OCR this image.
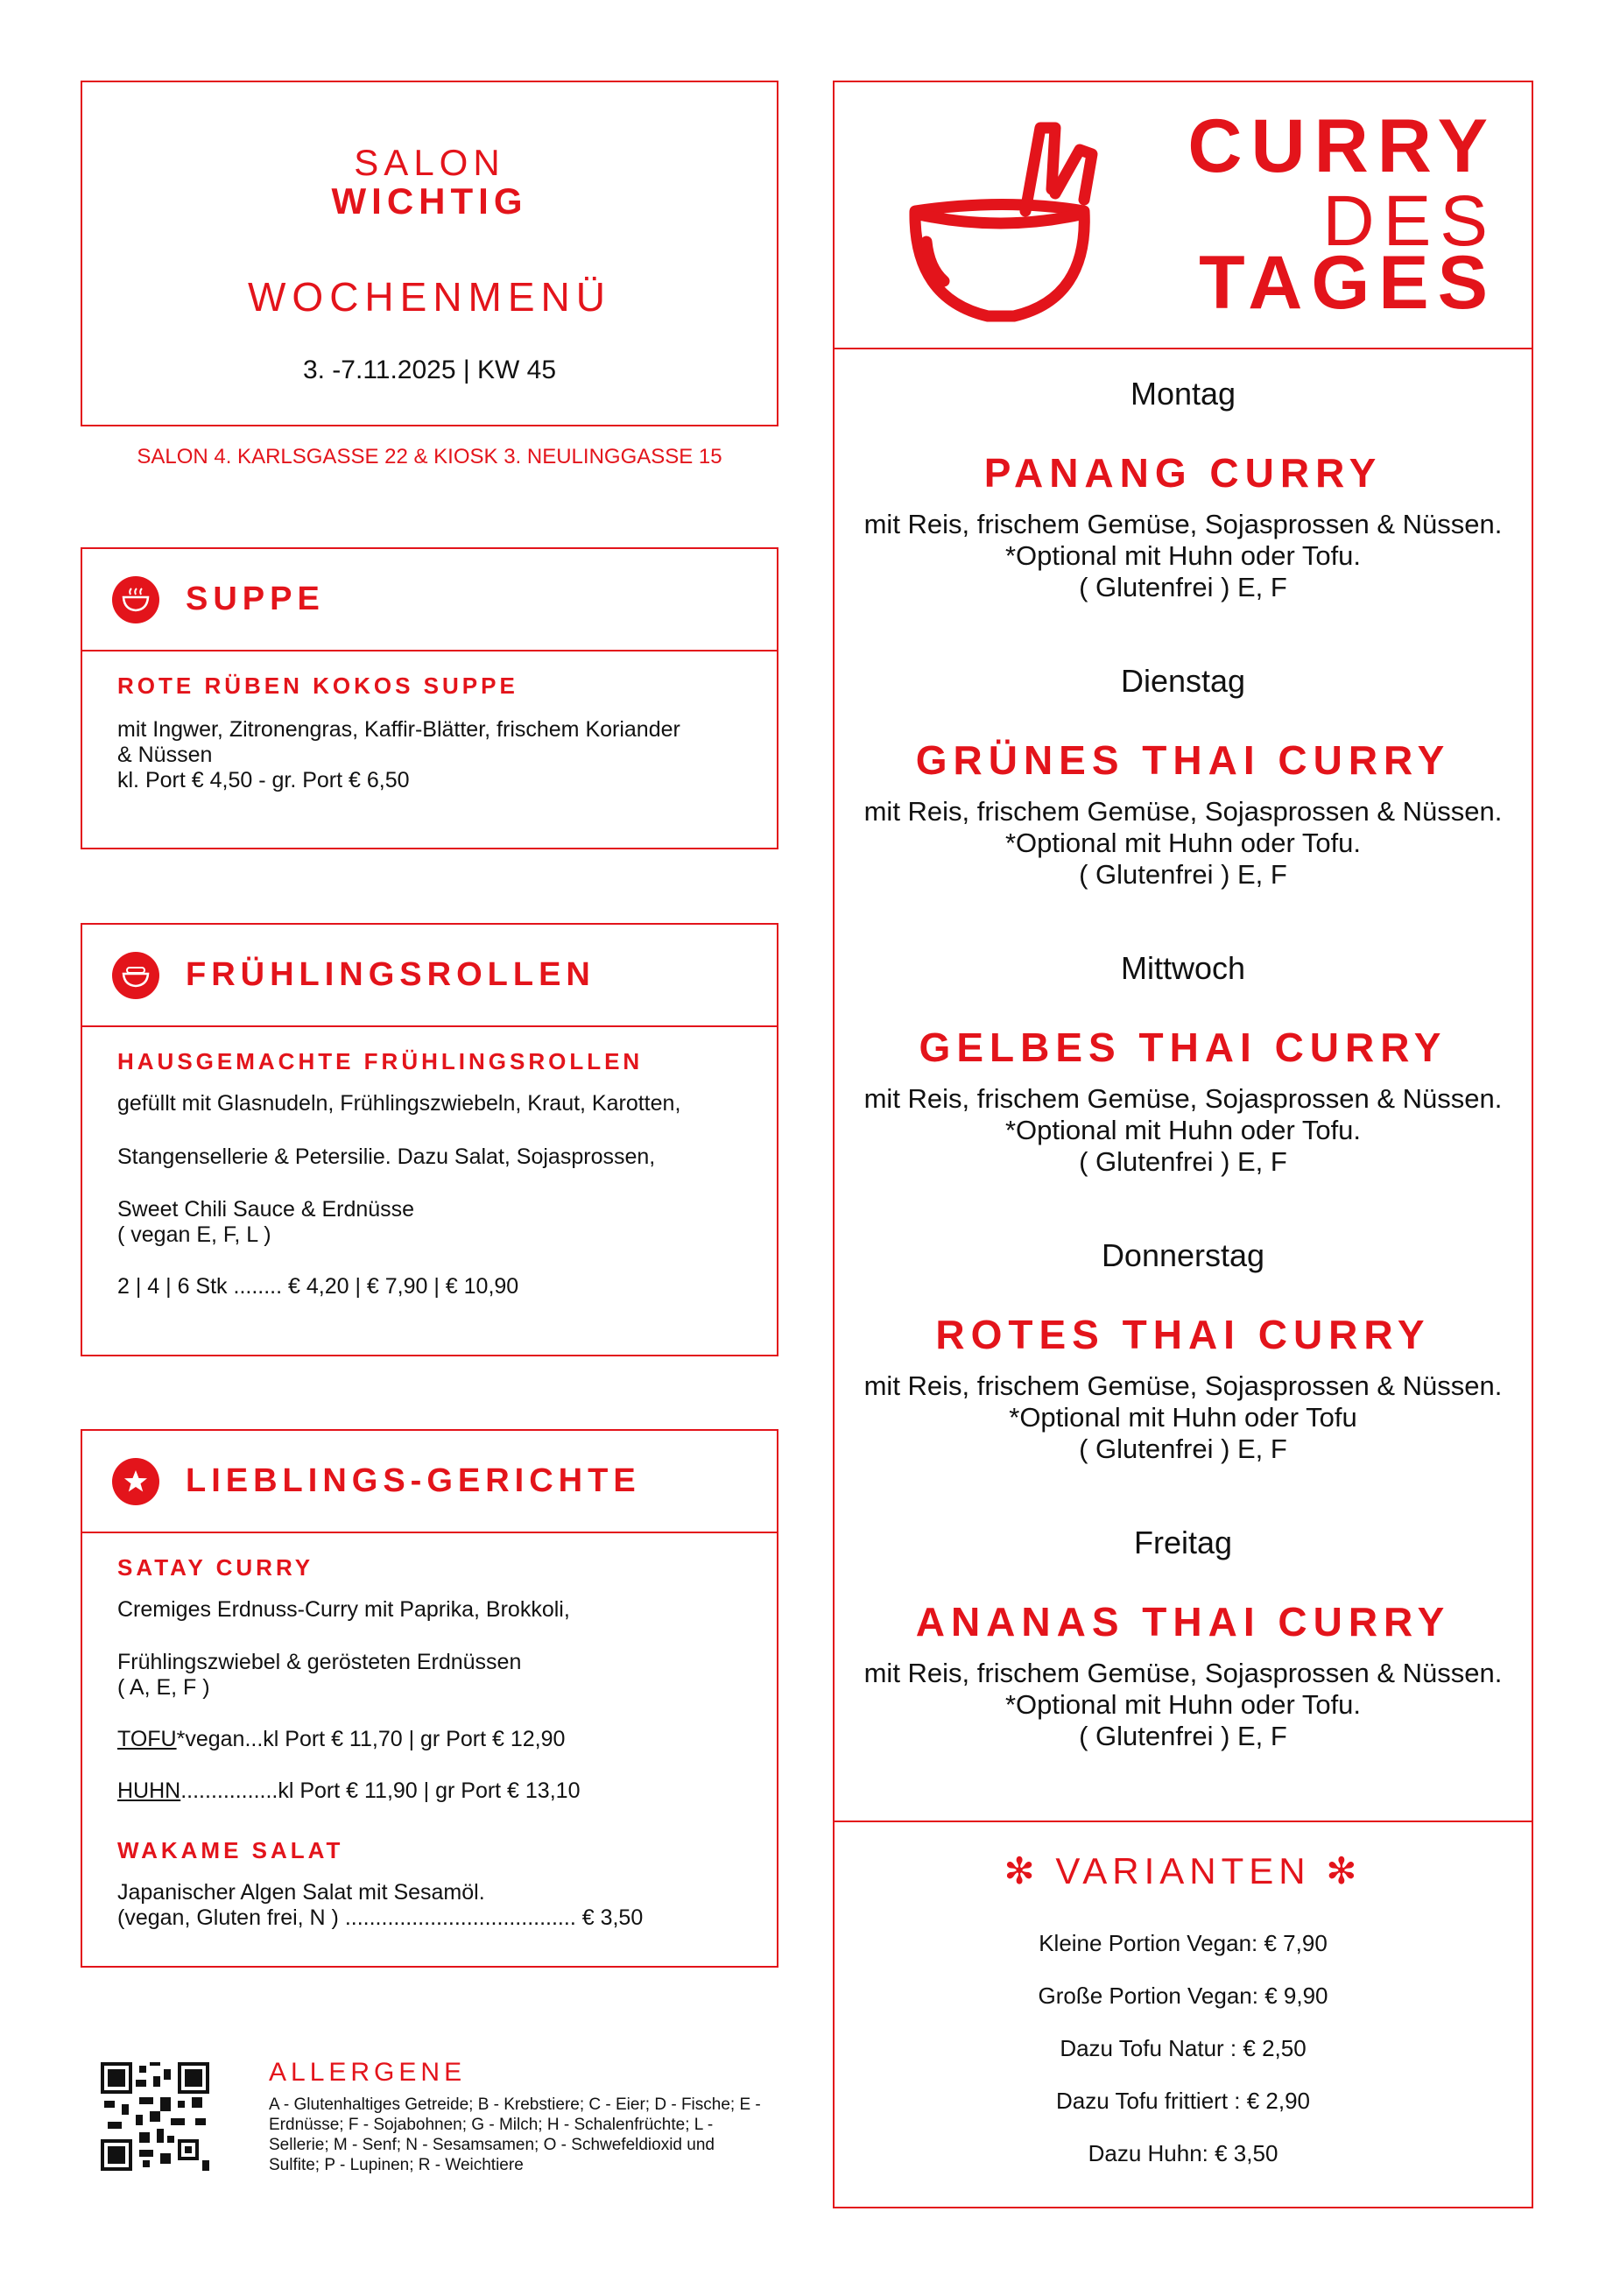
SALON
WICHTIG
WOCHENMENÜ
3. -7.11.2025 | KW 45
SALON 4. KARLSGASSE 22 & KIOSK 3. NEULINGGASSE 15
SUPPE
ROTE RÜBEN KOKOS SUPPE
mit Ingwer, Zitronengras, Kaffir-Blätter, frischem Koriander
& Nüssen
kl. Port € 4,50 - gr. Port € 6,50
FRÜHLINGSROLLEN
HAUSGEMACHTE FRÜHLINGSROLLEN
gefüllt mit Glasnudeln, Frühlingszwiebeln, Kraut, Karotten,
Stangensellerie & Petersilie. Dazu Salat, Sojasprossen,
Sweet Chili Sauce & Erdnüsse
( vegan E, F, L )
2 | 4 | 6 Stk ........ € 4,20 | € 7,90 | € 10,90
LIEBLINGS-GERICHTE
SATAY CURRY
Cremiges Erdnuss-Curry mit Paprika, Brokkoli,
Frühlingszwiebel & gerösteten Erdnüssen
( A, E, F )
TOFU*vegan...kl Port € 11,70 | gr Port € 12,90
HUHN................kl Port € 11,90 | gr Port € 13,10
WAKAME SALAT
Japanischer Algen Salat mit Sesamöl.
(vegan, Gluten frei, N ) ...................................... € 3,50
ALLERGENE
A - Glutenhaltiges Getreide; B - Krebstiere; C - Eier; D - Fische; E - Erdnüsse; F - Sojabohnen; G - Milch; H - Schalenfrüchte; L - Sellerie; M - Senf; N - Sesamsamen; O - Schwefeldioxid und Sulfite; P - Lupinen; R - Weichtiere
CURRY
DES
TAGES
Montag
PANANG CURRY
mit Reis, frischem Gemüse, Sojasprossen & Nüssen.
*Optional mit Huhn oder Tofu.
( Glutenfrei ) E, F
Dienstag
GRÜNES THAI CURRY
mit Reis, frischem Gemüse, Sojasprossen & Nüssen.
*Optional mit Huhn oder Tofu.
( Glutenfrei ) E, F
Mittwoch
GELBES THAI CURRY
mit Reis, frischem Gemüse, Sojasprossen & Nüssen.
*Optional mit Huhn oder Tofu.
( Glutenfrei ) E, F
Donnerstag
ROTES THAI CURRY
mit Reis, frischem Gemüse, Sojasprossen & Nüssen.
*Optional mit Huhn oder Tofu
( Glutenfrei ) E, F
Freitag
ANANAS THAI CURRY
mit Reis, frischem Gemüse, Sojasprossen & Nüssen.
*Optional mit Huhn oder Tofu.
( Glutenfrei ) E, F
✻ VARIANTEN ✻
Kleine Portion Vegan: € 7,90
Große Portion Vegan: € 9,90
Dazu Tofu Natur : € 2,50
Dazu Tofu frittiert : € 2,90
Dazu Huhn: € 3,50
